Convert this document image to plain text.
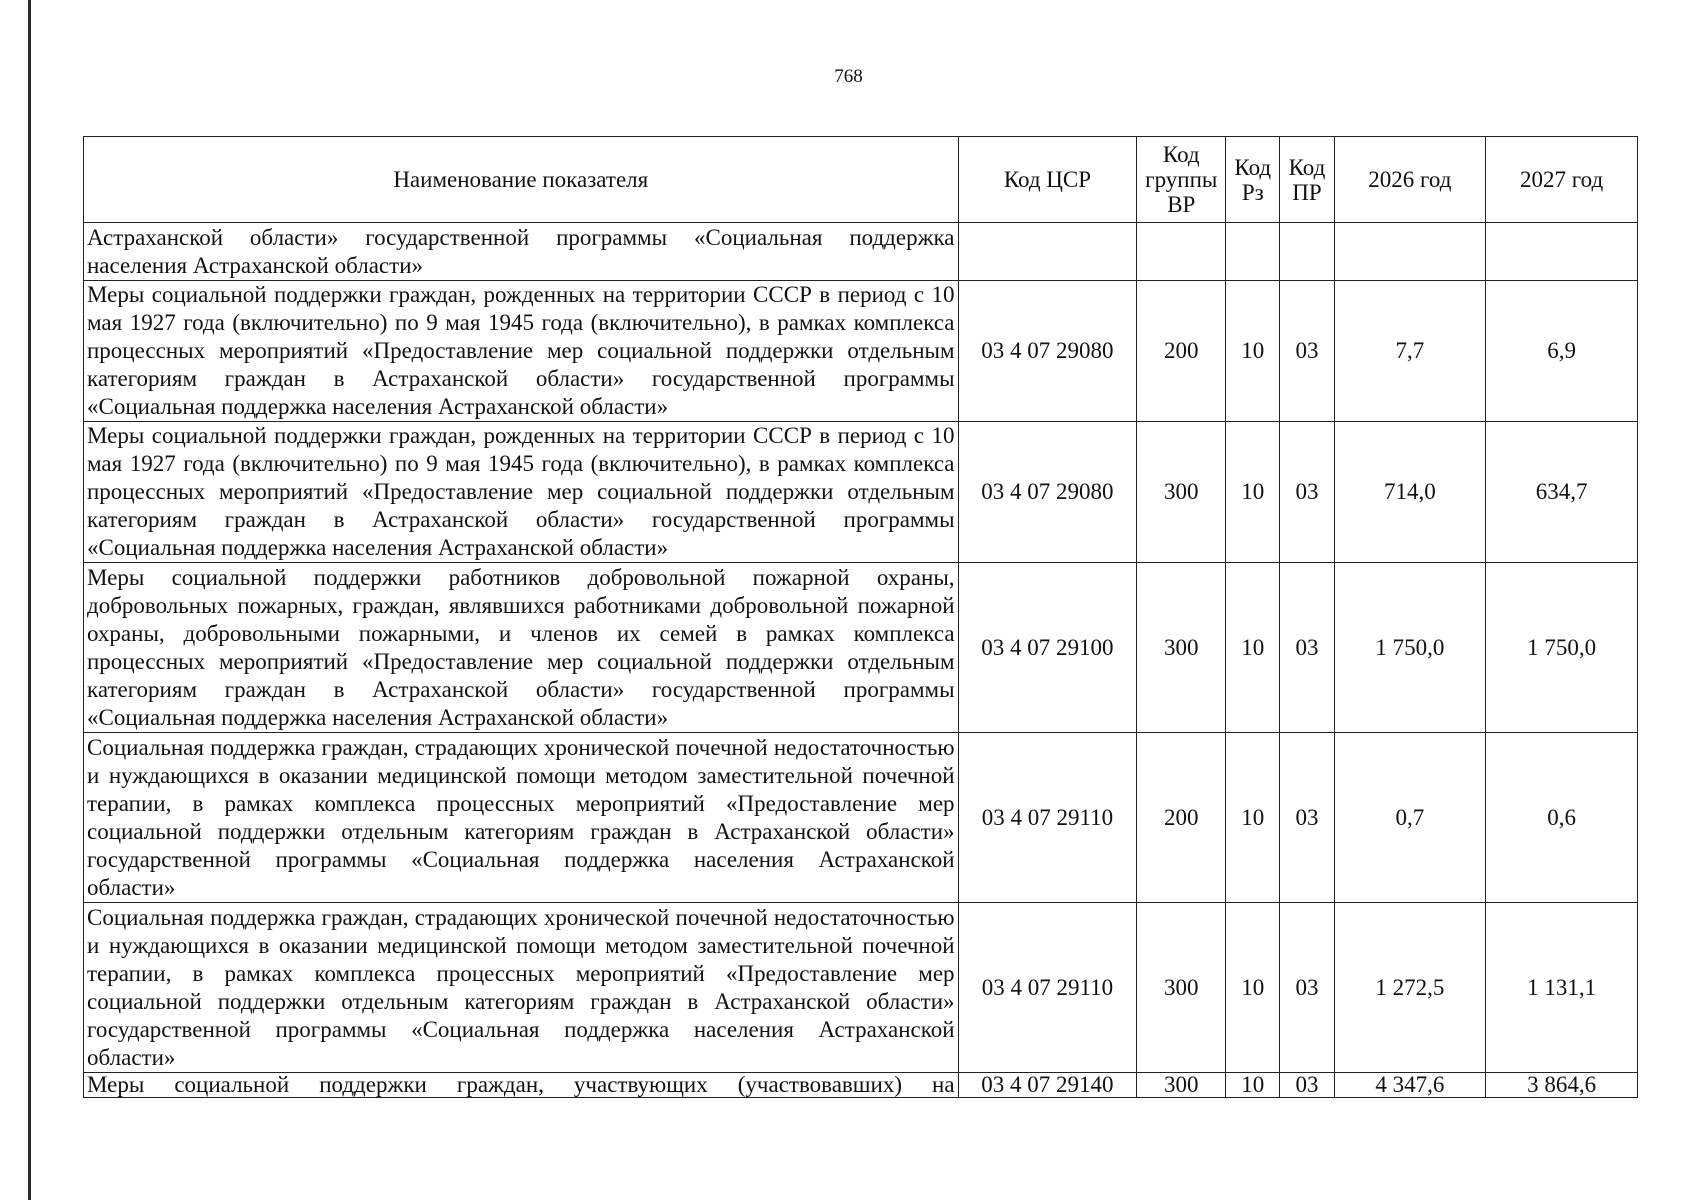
768
Наименование показателя	Код ЦСР	Код группы ВР	Код Рз	Код ПР	2026 год	2027 год
Астраханской области» государственной программы «Социальная поддержка населения Астраханской области»						
Меры социальной поддержки граждан, рожденных на территории СССР в период с 10 мая 1927 года (включительно) по 9 мая 1945 года (включительно), в рамках комплекса процессных мероприятий «Предоставление мер социальной поддержки отдельным категориям граждан в Астраханской области» государственной программы «Социальная поддержка населения Астраханской области»	03 4 07 29080	200	10	03	7,7	6,9
Меры социальной поддержки граждан, рожденных на территории СССР в период с 10 мая 1927 года (включительно) по 9 мая 1945 года (включительно), в рамках комплекса процессных мероприятий «Предоставление мер социальной поддержки отдельным категориям граждан в Астраханской области» государственной программы «Социальная поддержка населения Астраханской области»	03 4 07 29080	300	10	03	714,0	634,7
Меры социальной поддержки работников добровольной пожарной охраны, добровольных пожарных, граждан, являвшихся работниками добровольной пожарной охраны, добровольными пожарными, и членов их семей в рамках комплекса процессных мероприятий «Предоставление мер социальной поддержки отдельным категориям граждан в Астраханской области» государственной программы «Социальная поддержка населения Астраханской области»	03 4 07 29100	300	10	03	1 750,0	1 750,0
Социальная поддержка граждан, страдающих хронической почечной недостаточностью и нуждающихся в оказании медицинской помощи методом заместительной почечной терапии, в рамках комплекса процессных мероприятий «Предоставление мер социальной поддержки отдельным категориям граждан в Астраханской области» государственной программы «Социальная поддержка населения Астраханской области»	03 4 07 29110	200	10	03	0,7	0,6
Социальная поддержка граждан, страдающих хронической почечной недостаточностью и нуждающихся в оказании медицинской помощи методом заместительной почечной терапии, в рамках комплекса процессных мероприятий «Предоставление мер социальной поддержки отдельным категориям граждан в Астраханской области» государственной программы «Социальная поддержка населения Астраханской области»	03 4 07 29110	300	10	03	1 272,5	1 131,1
Меры социальной поддержки граждан, участвующих (участвовавших) на	03 4 07 29140	300	10	03	4 347,6	3 864,6
